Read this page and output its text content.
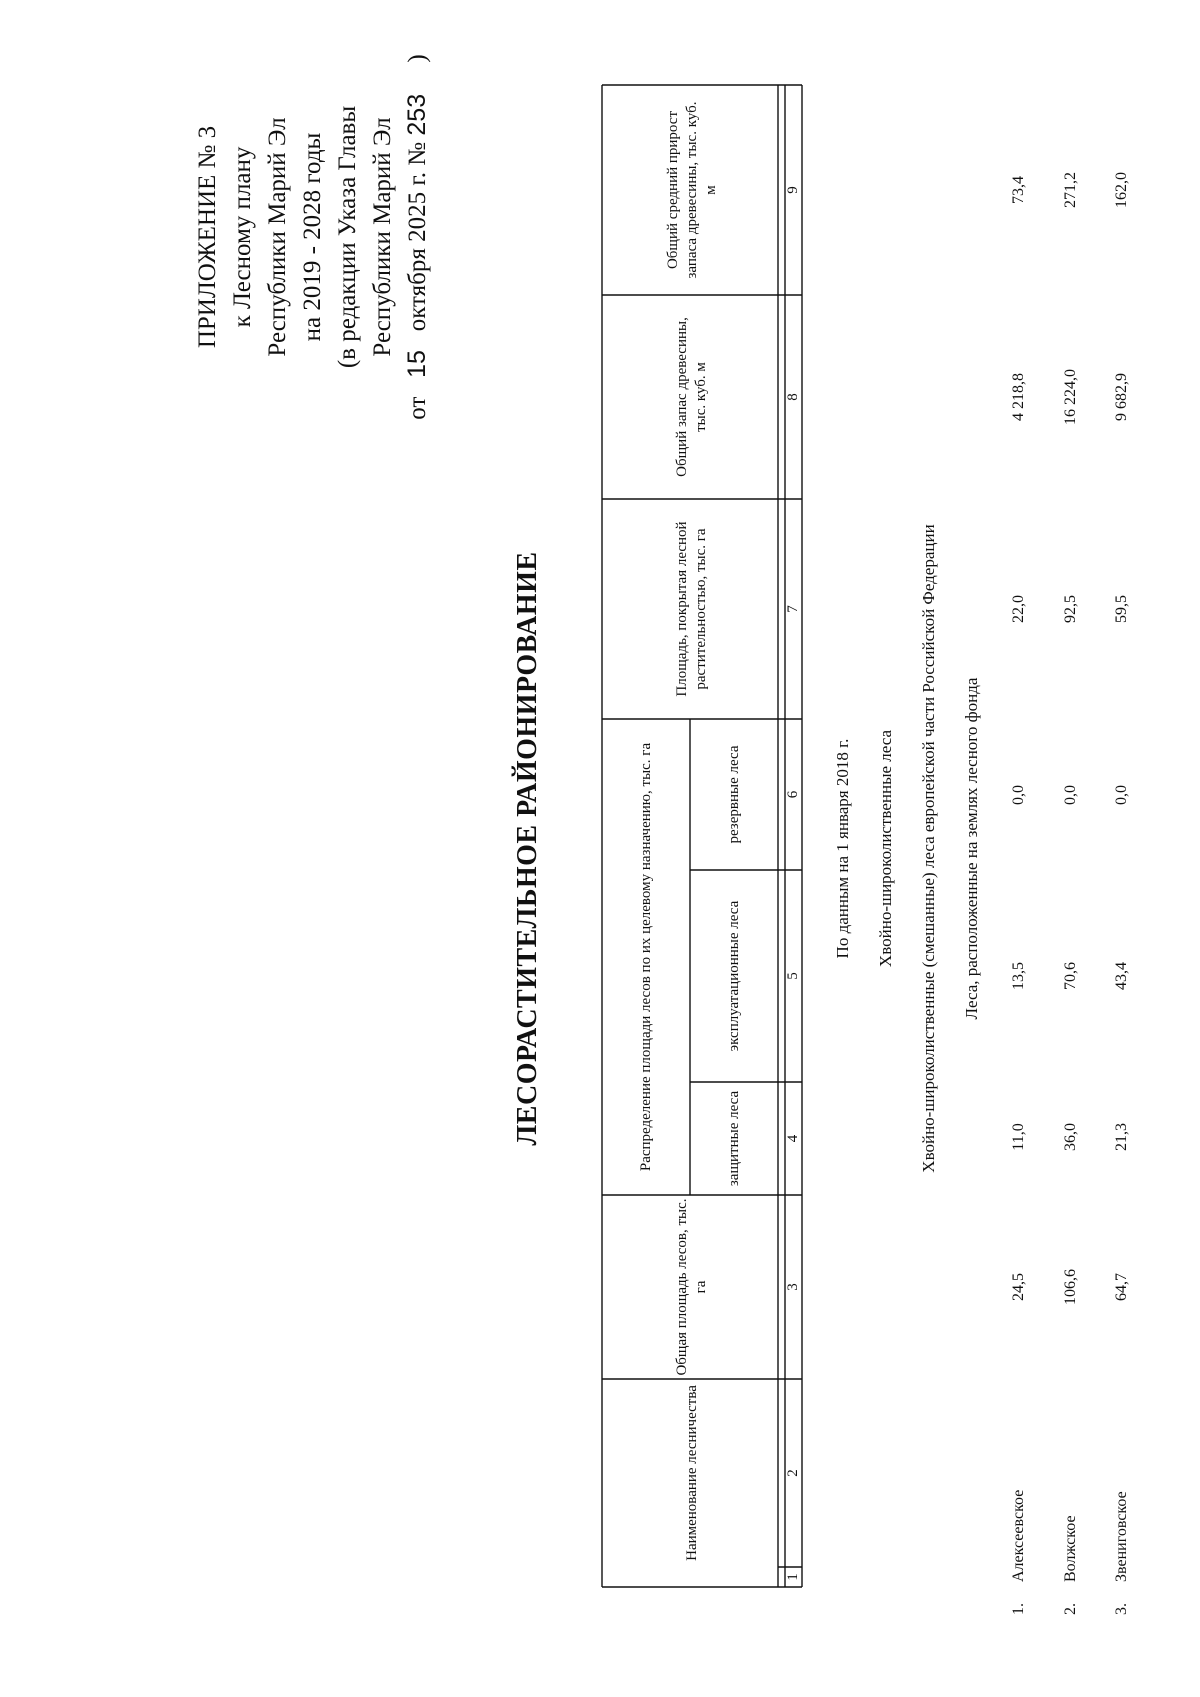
ПРИЛОЖЕНИЕ № 3 к Лесному плану Республики Марий Эл на 2019 - 2028 годы (в редакции Указа Главы Республики Марий Эл
от   15   октября 2025 г. № 253     )
ЛЕСОРАСТИТЕЛЬНОЕ РАЙОНИРОВАНИЕ
Наименование лесничества
Общая площадь лесов, тыс. га
Распределение площади лесов по их целевому назначению, тыс. га	защитные леса
эксплуатационные леса
резервные леса
Площадь, покрытая лесной растительностью, тыс. га
Общий запас древесины, тыс. куб. м
Общий средний прирост запаса древесины, тыс. куб. м
1
2
3
4
5
6
7
8
9
По данным на 1 января 2018 г. Хвойно-широколиственные леса Хвойно-широколиственные (смешанные) леса европейской части Российской Федерации Леса, расположенные на землях лесного фонда
1.
Алексеевское
24,5
11,0
13,5
0,0
22,0
4 218,8
73,4
2.
Волжское
106,6
36,0
70,6
0,0
92,5
16 224,0
271,2
3.
Звениговское
64,7
21,3
43,4
0,0
59,5
9 682,9
162,0
